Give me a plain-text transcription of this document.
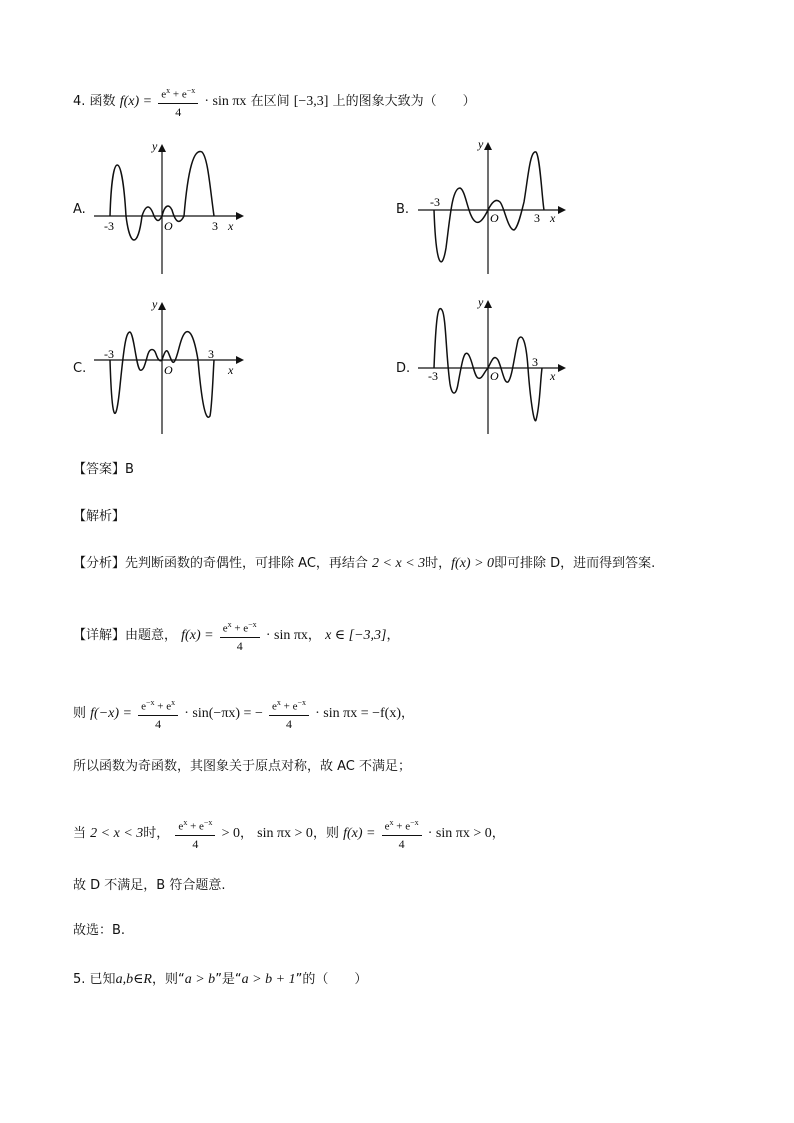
4. 函数 $f(x) = \frac{e^x + e^{-x}}{4} \cdot \sin \pi x$ 在区间 [−3,3] 上的图象大致为（　　）
A.
y
x
O
-3	3
B.
y
x
O
-3
3
C.
y
x
O
-3	3
D.
y
x
O
-3
3
【答案】B
【解析】
【分析】先判断函数的奇偶性，可排除 AC，再结合 2 < x < 3时，f(x) > 0即可排除 D，进而得到答案.
【详解】由题意， $f(x) = \frac{e^x + e^{-x}}{4} \cdot \sin \pi x$， x ∈ [−3,3]，
则 $f(-x) = \frac{e^{-x} + e^x}{4} \cdot \sin(-\pi x)$ = − $\frac{e^x + e^{-x}}{4} \cdot \sin \pi x = -f(x)$，
所以函数为奇函数，其图象关于原点对称，故 AC 不满足；
当 2 < x < 3时， $\frac{e^x + e^{-x}}{4} > 0$， sin πx > 0，则 $f(x) = \frac{e^x + e^{-x}}{4} \cdot \sin \pi x > 0$，
故 D 不满足，B 符合题意.
故选：B.
5. 已知a,b∈R，则“a > b”是“a > b + 1”的（　　）
